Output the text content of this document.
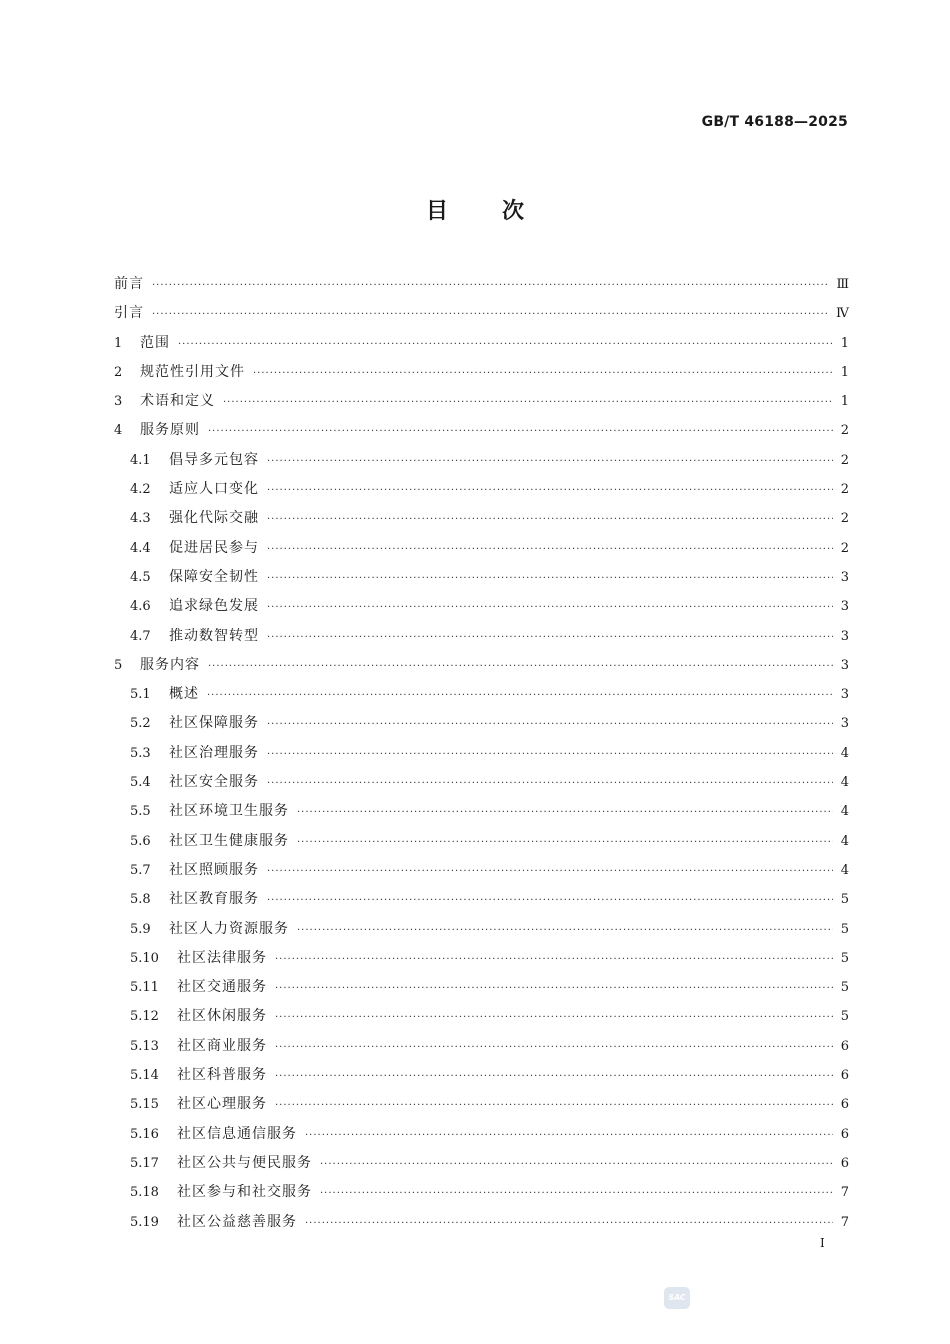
GB/T 46188—2025
目次
前言 ·····	Ⅲ
引言 ·····	Ⅳ
1	范围 ·····	1
2	规范性引用文件 ·····	1
3	术语和定义 ·····	1
4	服务原则 ·····	2
4.1	倡导多元包容 ·····	2
4.2	适应人口变化 ·····	2
4.3	强化代际交融 ·····	2
4.4	促进居民参与 ·····	2
4.5	保障安全韧性 ·····	3
4.6	追求绿色发展 ·····	3
4.7	推动数智转型 ·····	3
5	服务内容 ·····	3
5.1	概述 ·····	3
5.2	社区保障服务 ·····	3
5.3	社区治理服务 ·····	4
5.4	社区安全服务 ·····	4
5.5	社区环境卫生服务 ·····	4
5.6	社区卫生健康服务 ·····	4
5.7	社区照顾服务 ·····	4
5.8	社区教育服务 ·····	5
5.9	社区人力资源服务 ·····	5
5.10	社区法律服务 ·····	5
5.11	社区交通服务 ·····	5
5.12	社区休闲服务 ·····	5
5.13	社区商业服务 ·····	6
5.14	社区科普服务 ·····	6
5.15	社区心理服务 ·····	6
5.16	社区信息通信服务 ·····	6
5.17	社区公共与便民服务 ·····	6
5.18	社区参与和社交服务 ·····	7
5.19	社区公益慈善服务 ·····	7
I
SAC
